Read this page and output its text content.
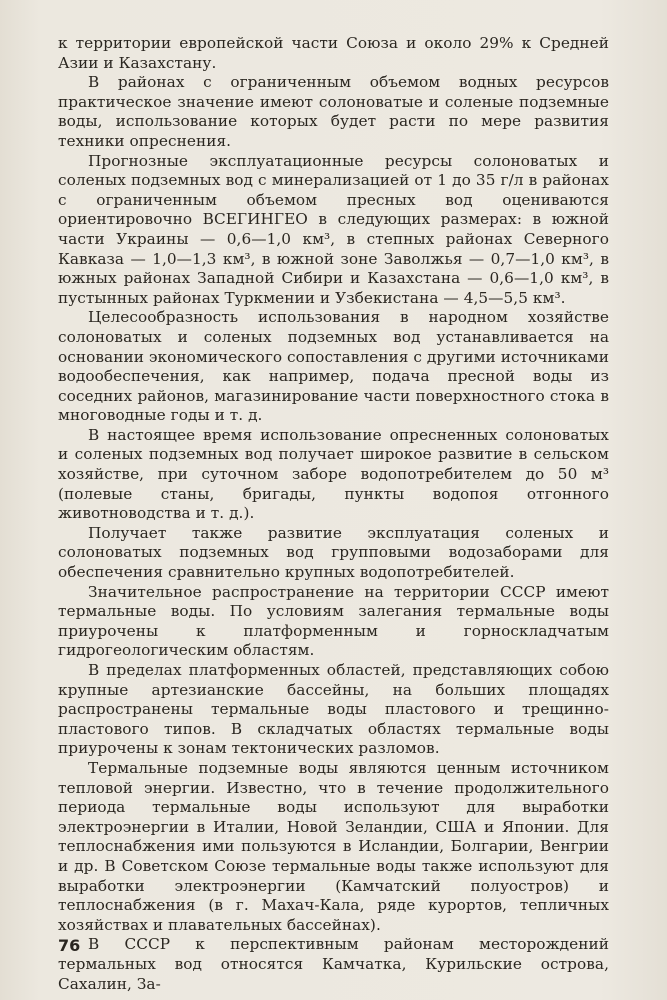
к территории европейской части Союза и около 29% к Средней Азии и Казахстану.

В районах с ограниченным объемом водных ресурсов практическое значение имеют солоноватые и соленые подземные воды, использование которых будет расти по мере развития техники опреснения.

Прогнозные эксплуатационные ресурсы солоноватых и соленых подземных вод с минерализацией от 1 до 35 г/л в районах с ограниченным объемом пресных вод оцениваются ориентировочно ВСЕГИНГЕО в следующих размерах: в южной части Украины — 0,6—1,0 км³, в степных районах Северного Кавказа — 1,0—1,3 км³, в южной зоне Заволжья — 0,7—1,0 км³, в южных районах Западной Сибири и Казахстана — 0,6—1,0 км³, в пустынных районах Туркмении и Узбекистана — 4,5—5,5 км³.

Целесообразность использования в народном хозяйстве солоноватых и соленых подземных вод устанавливается на основании экономического сопоставления с другими источниками водообеспечения, как например, подача пресной воды из соседних районов, магазинирование части поверхностного стока в многоводные годы и т. д.

В настоящее время использование опресненных солоноватых и соленых подземных вод получает широкое развитие в сельском хозяйстве, при суточном заборе водопотребителем до 50 м³ (полевые станы, бригады, пункты водопоя отгонного животноводства и т. д.).

Получает также развитие эксплуатация соленых и солоноватых подземных вод групповыми водозаборами для обеспечения сравнительно крупных водопотребителей.

Значительное распространение на территории СССР имеют термальные воды. По условиям залегания термальные воды приурочены к платформенным и горноскладчатым гидрогеологическим областям.

В пределах платформенных областей, представляющих собою крупные артезианские бассейны, на больших площадях распространены термальные воды пластового и трещинно-пластового типов. В складчатых областях термальные воды приурочены к зонам тектонических разломов.

Термальные подземные воды являются ценным источником тепловой энергии. Известно, что в течение продолжительного периода термальные воды используют для выработки электроэнергии в Италии, Новой Зеландии, США и Японии. Для теплоснабжения ими пользуются в Исландии, Болгарии, Венгрии и др. В Советском Союзе термальные воды также используют для выработки электроэнергии (Камчатский полуостров) и теплоснабжения (в г. Махач-Кала, ряде курортов, тепличных хозяйствах и плавательных бассейнах).

В СССР к перспективным районам месторождений термальных вод относятся Камчатка, Курильские острова, Сахалин, За-

76
